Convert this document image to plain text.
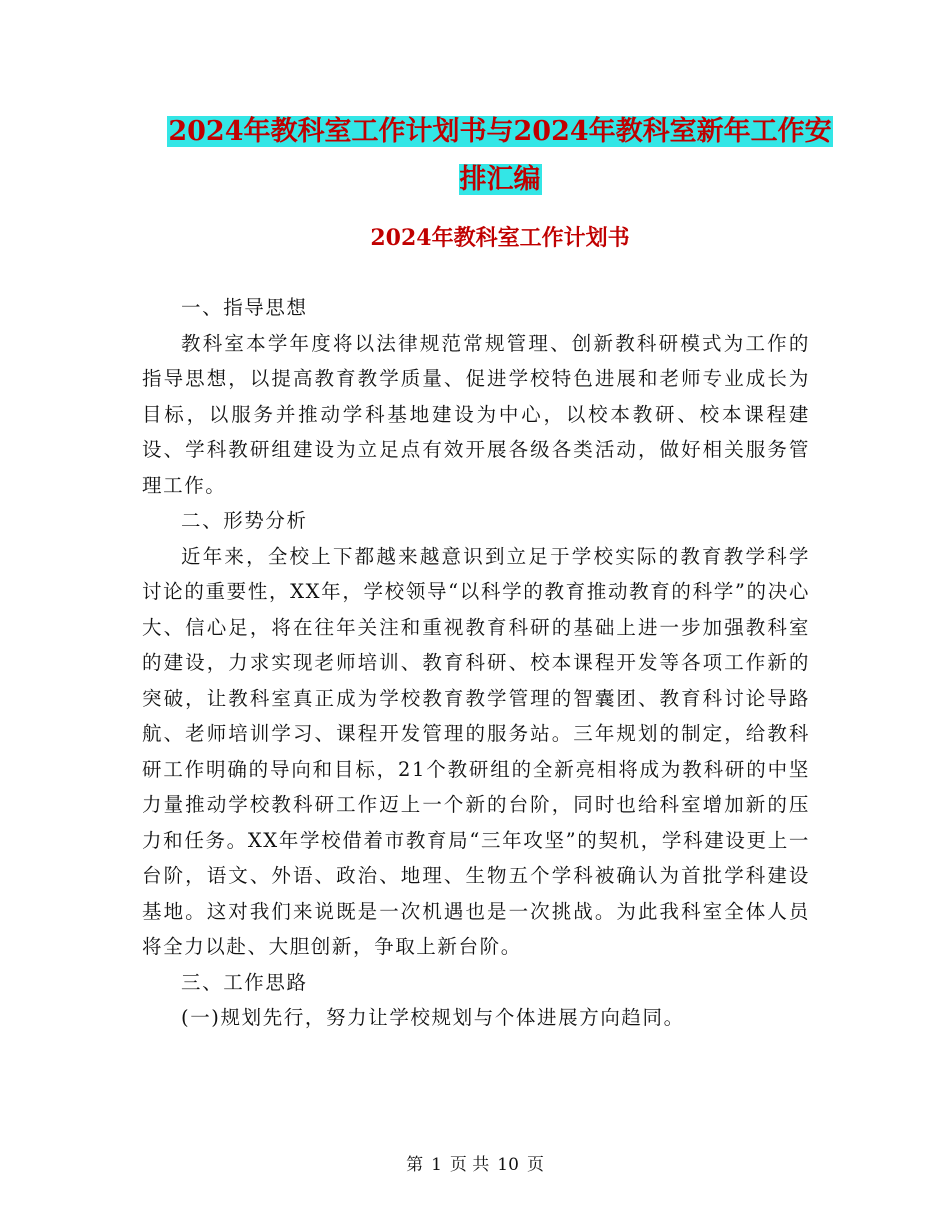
2024年教科室工作计划书与2024年教科室新年工作安
排汇编
2024年教科室工作计划书

一、指导思想

教科室本学年度将以法律规范常规管理、创新教科研模式为工作的指导思想，以提高教育教学质量、促进学校特色进展和老师专业成长为目标，以服务并推动学科基地建设为中心，以校本教研、校本课程建设、学科教研组建设为立足点有效开展各级各类活动，做好相关服务管理工作。

二、形势分析

近年来，全校上下都越来越意识到立足于学校实际的教育教学科学讨论的重要性，XX年，学校领导“以科学的教育推动教育的科学”的决心大、信心足，将在往年关注和重视教育科研的基础上进一步加强教科室的建设，力求实现老师培训、教育科研、校本课程开发等各项工作新的突破，让教科室真正成为学校教育教学管理的智囊团、教育科讨论导路航、老师培训学习、课程开发管理的服务站。三年规划的制定，给教科研工作明确的导向和目标，21个教研组的全新亮相将成为教科研的中坚力量推动学校教科研工作迈上一个新的台阶，同时也给科室增加新的压力和任务。XX年学校借着市教育局“三年攻坚”的契机，学科建设更上一台阶，语文、外语、政治、地理、生物五个学科被确认为首批学科建设基地。这对我们来说既是一次机遇也是一次挑战。为此我科室全体人员将全力以赴、大胆创新，争取上新台阶。

三、工作思路

(一)规划先行，努力让学校规划与个体进展方向趋同。

第 1 页 共 10 页
